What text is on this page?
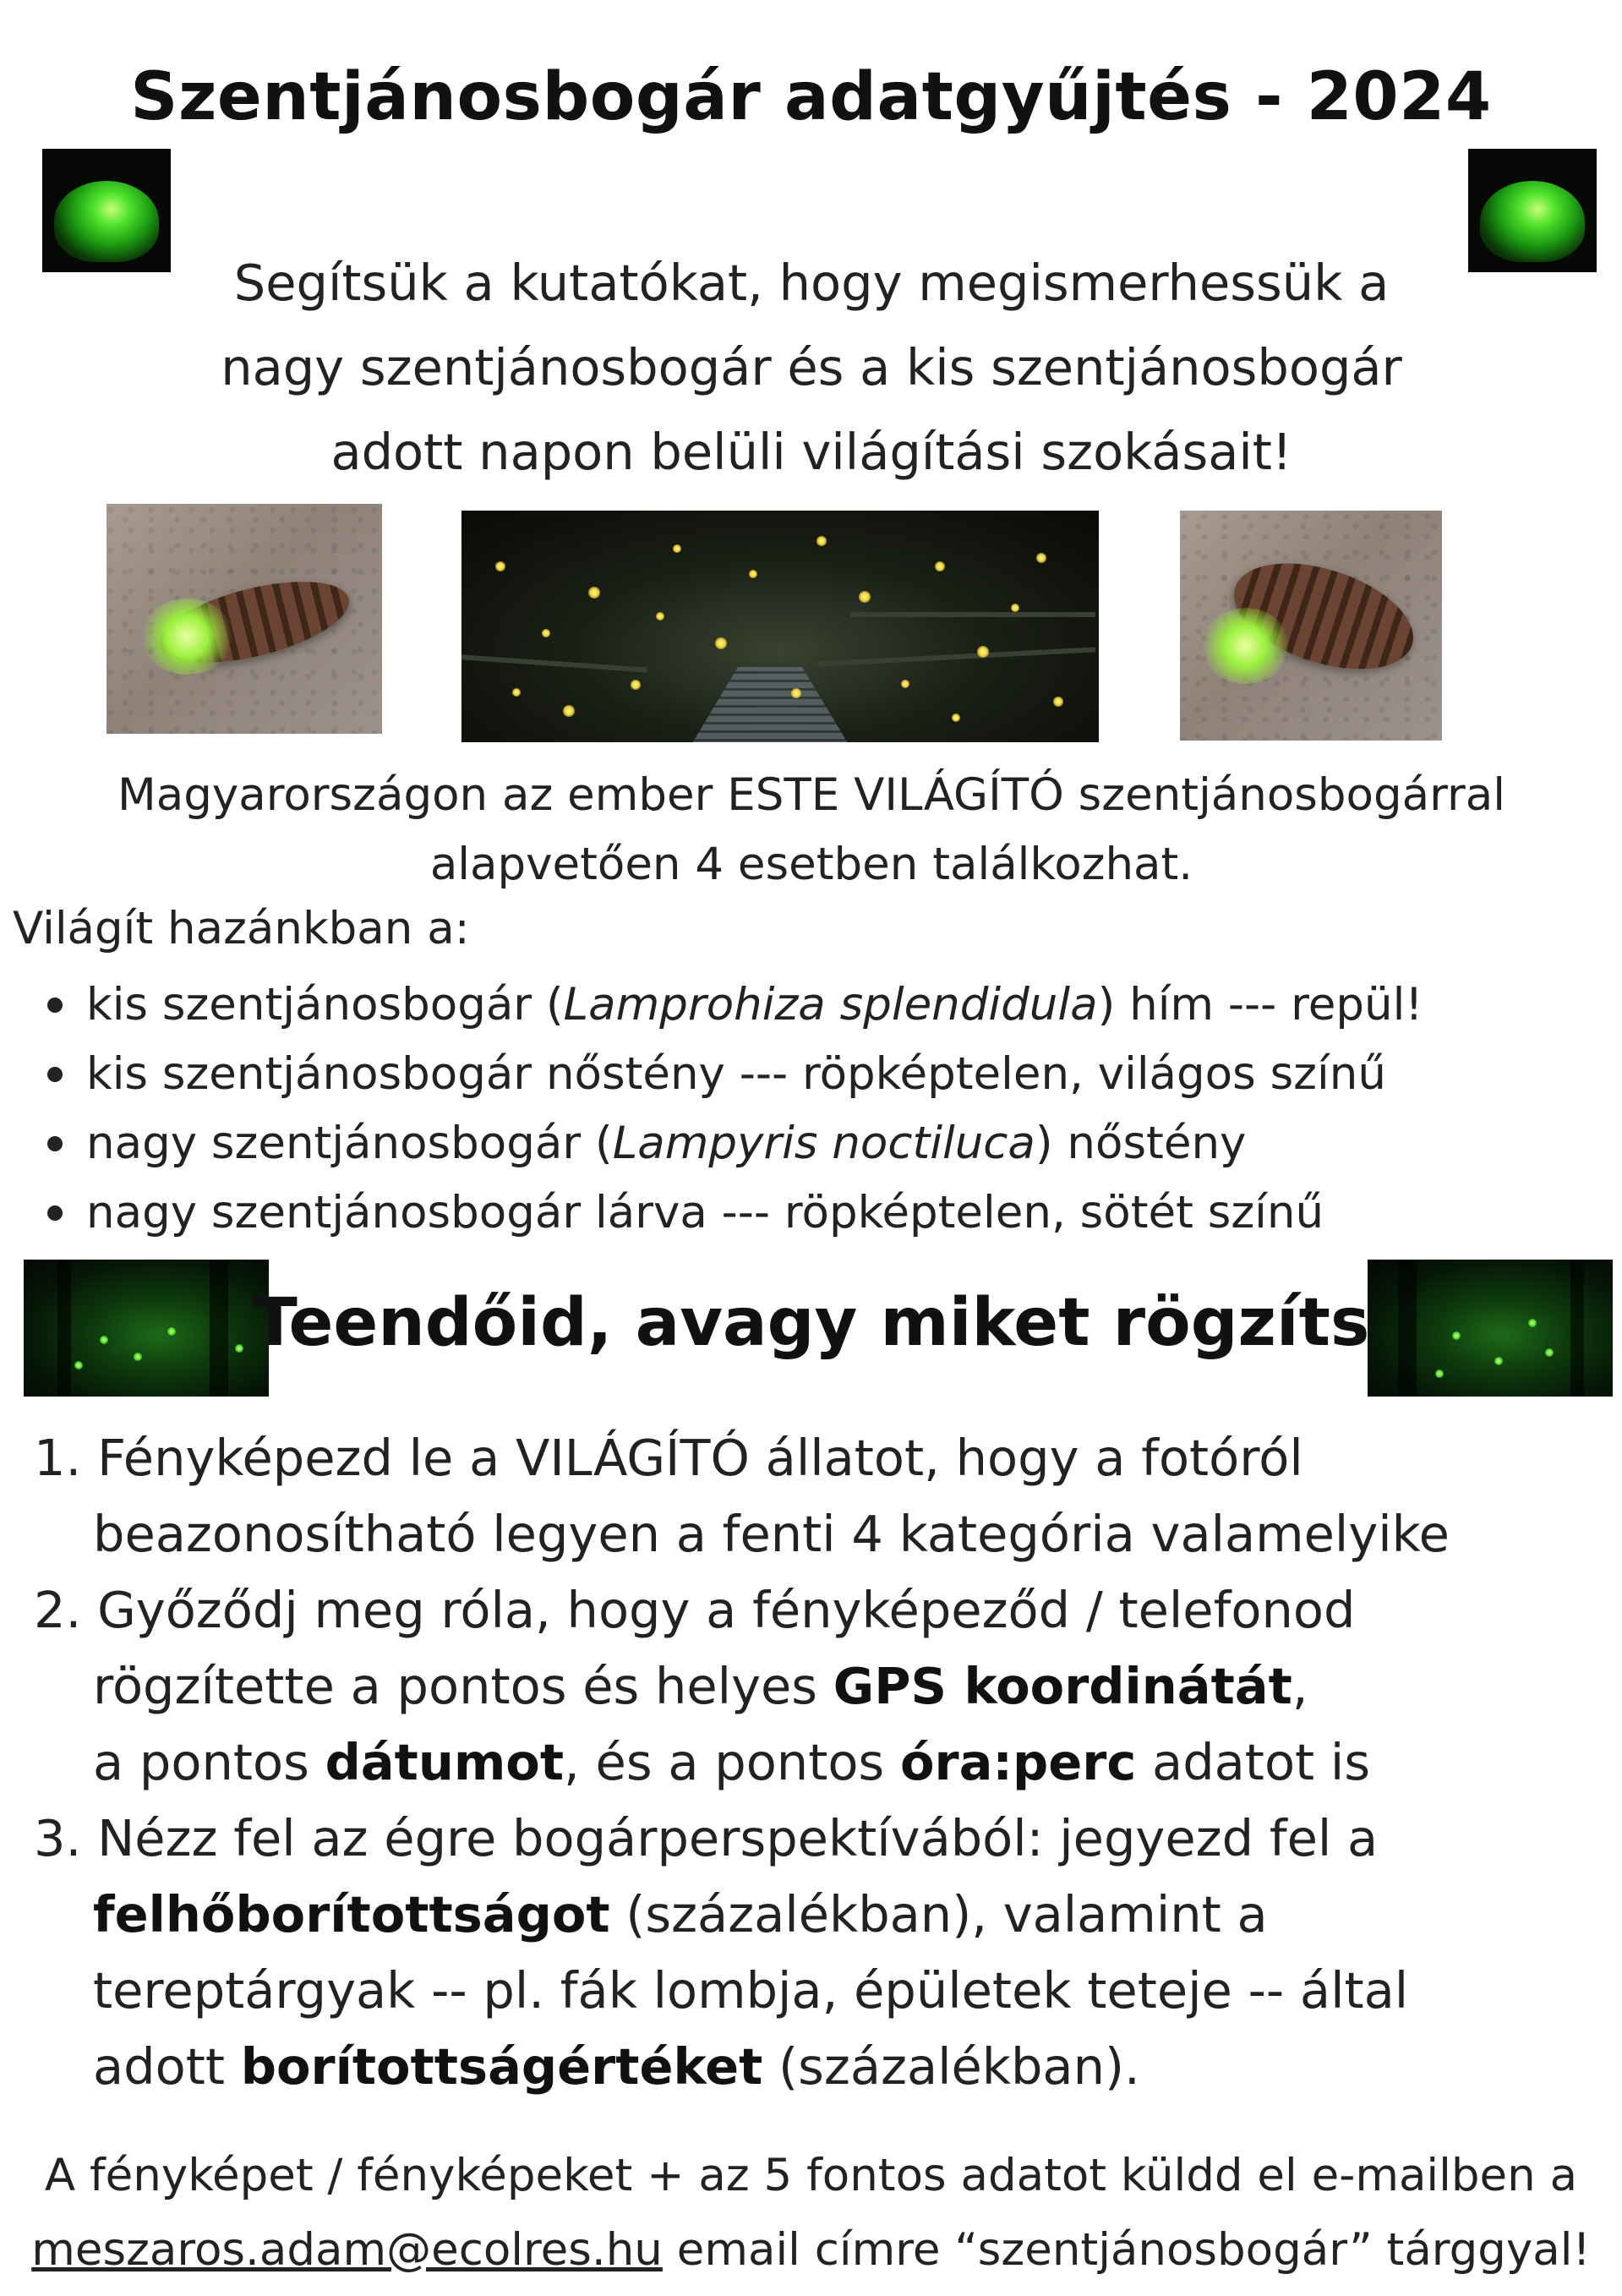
Szentjánosbogár adatgyűjtés - 2024
Segítsük a kutatókat, hogy megismerhessük a
nagy szentjánosbogár és a kis szentjánosbogár
adott napon belüli világítási szokásait!
Magyarországon az ember ESTE VILÁGÍTÓ szentjánosbogárral
alapvetően 4 esetben találkozhat.
Világít hazánkban a:
kis szentjánosbogár (Lamprohiza splendidula) hím --- repül!
kis szentjánosbogár nőstény --- röpképtelen, világos színű
nagy szentjánosbogár (Lampyris noctiluca) nőstény
nagy szentjánosbogár lárva --- röpképtelen, sötét színű
Teendőid, avagy miket rögzíts
1. Fényképezd le a VILÁGÍTÓ állatot, hogy a fotóról
beazonosítható legyen a fenti 4 kategória valamelyike
2. Győződj meg róla, hogy a fényképeződ / telefonod
rögzítette a pontos és helyes GPS koordinátát,
a pontos dátumot, és a pontos óra:perc adatot is
3. Nézz fel az égre bogárperspektívából: jegyezd fel a
felhőborítottságot (százalékban), valamint a
tereptárgyak -- pl. fák lombja, épületek teteje -- által
adott borítottságértéket (százalékban).
A fényképet / fényképeket + az 5 fontos adatot küldd el e-mailben a
meszaros.adam@ecolres.hu email címre “szentjánosbogár” tárggyal!
